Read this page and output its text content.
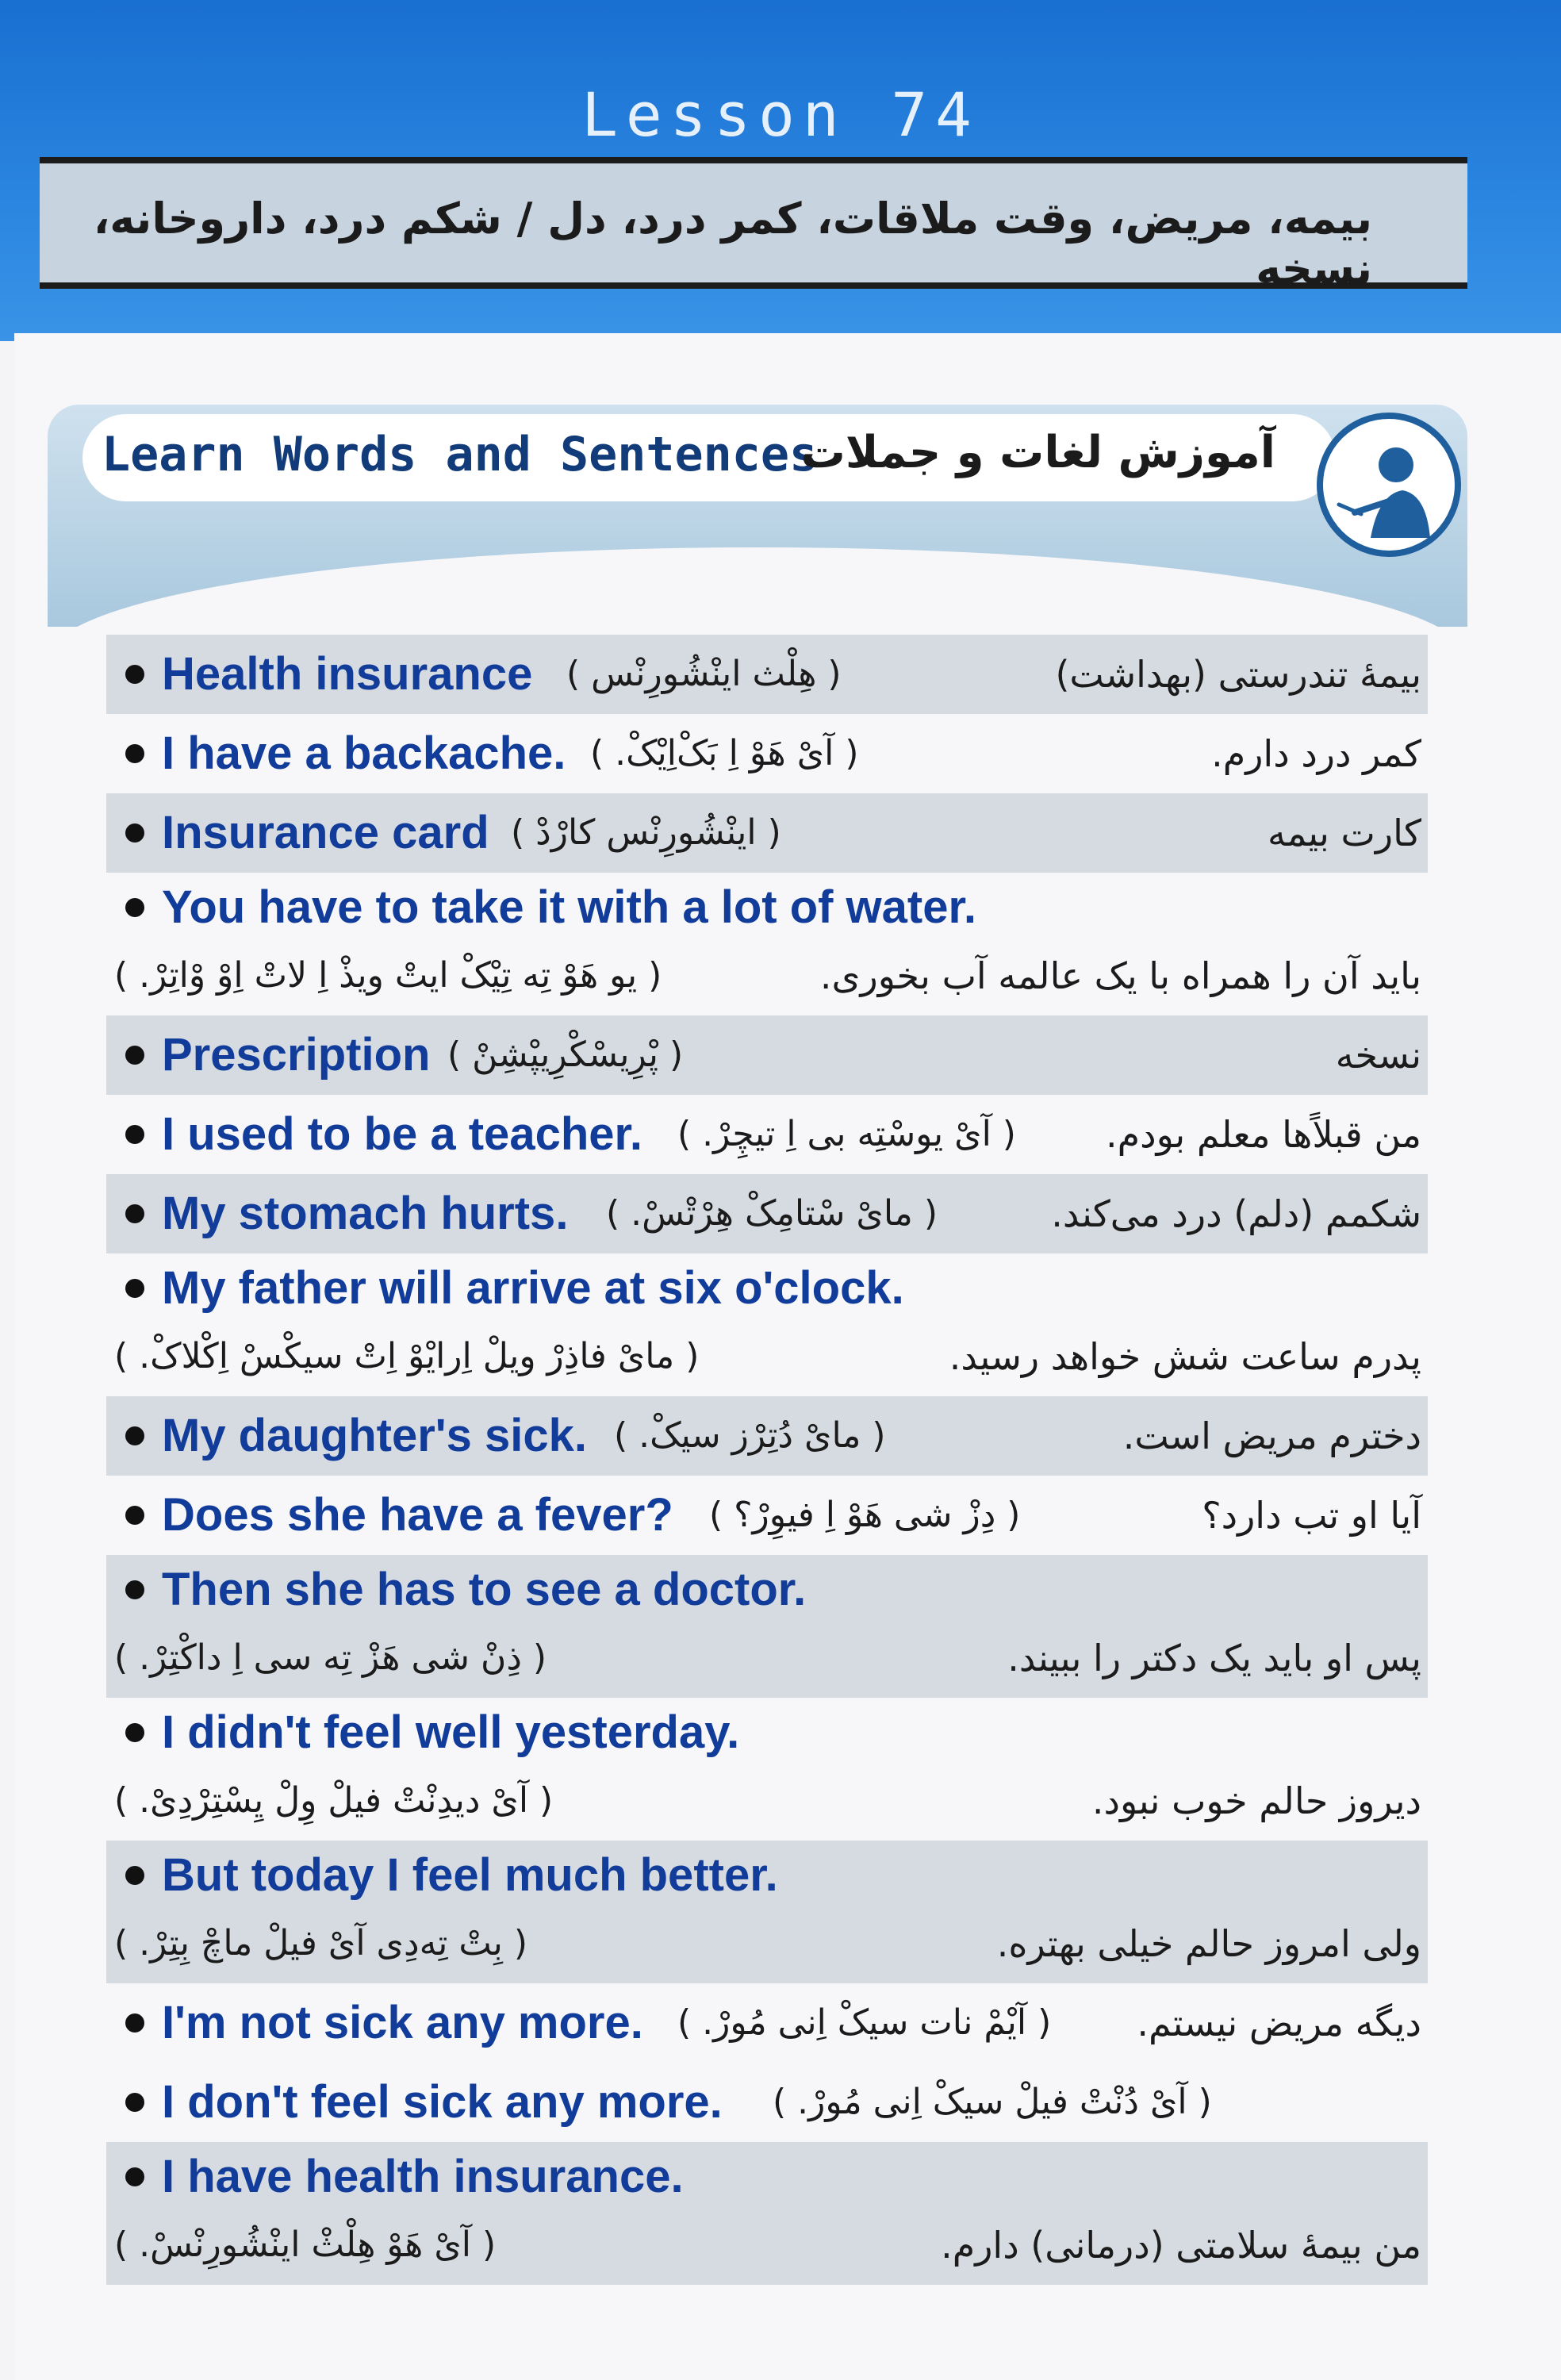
Lesson 74
بیمه، مریض، وقت ملاقات، کمر درد، دل / شکم درد، داروخانه، نسخه
Learn Words and Sentences
آموزش لغات و جملات
Health insurance ( هِلْث اینْشُورِنْس )	بیمهٔ تندرستی (بهداشت)
I have a backache. ( آیْ هَوْ اِ بَکْ‌اِیْکْ. )	کمر درد دارم.
Insurance card ( اینْشُورِنْس کارْدْ )	کارت بیمه
You have to take it with a lot of water.
( یو هَوْ تِه تِیْکْ ایتْ ویذْ اِ لاتْ اِوْ وْاتِرْ. )	باید آن را همراه با یک عالمه آب بخوری.
Prescription ( پْرِیسْکْرِیپْشِنْ )	نسخه
I used to be a teacher. ( آیْ یوسْتِه بی اِ تیچِرْ. ) من قبلاً‌ها معلم بودم.
My stomach hurts. ( مایْ سْتامِکْ هِرْتْسْ. )	شکمم (دلم) درد می‌کند.
My father will arrive at six o'clock.
( مایْ فاذِرْ ویلْ اِرایْوْ اِتْ سیکْسْ اِکْلاکْ. )	پدرم ساعت شش خواهد رسید.
My daughter's sick. ( مایْ دُتِرْز سیکْ. )	دخترم مریض است.
Does she have a fever? ( دِزْ شی هَوْ اِ فیوِرْ؟ )	آیا او تب دارد؟
Then she has to see a doctor.
( ذِنْ شی هَزْ تِه سی اِ داکْتِرْ. )	پس او باید یک دکتر را ببیند.
I didn't feel well yesterday.
( آیْ دیدِنْتْ فیلْ وِلْ یِسْتِرْدِیْ. )	دیروز حالم خوب نبود.
But today I feel much better.
( بِتْ تِه‌دِی آیْ فیلْ ماچْ بِتِرْ. )	ولی امروز حالم خیلی بهتره.
I'm not sick any more. ( آیْمْ نات سیکْ اِنی مُورْ. ) دیگه مریض نیستم.
I don't feel sick any more. ( آیْ دُنْتْ فیلْ سیکْ اِنی مُورْ. )
I have health insurance.
( آیْ هَوْ هِلْثْ اینْشُورِنْسْ. )	من بیمهٔ سلامتی (درمانی) دارم.
